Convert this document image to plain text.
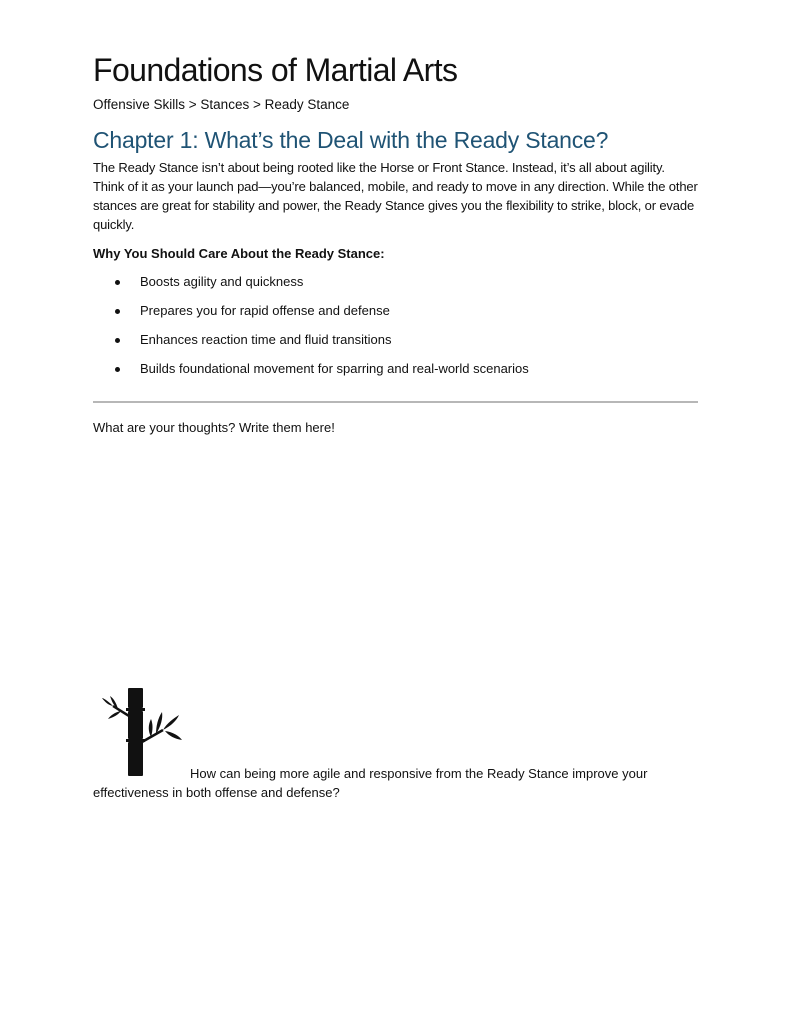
Foundations of Martial Arts
Offensive Skills > Stances > Ready Stance
Chapter 1: What’s the Deal with the Ready Stance?

The Ready Stance isn’t about being rooted like the Horse or Front Stance. Instead, it’s all about agility. Think of it as your launch pad—you’re balanced, mobile, and ready to move in any direction. While the other stances are great for stability and power, the Ready Stance gives you the flexibility to strike, block, or evade quickly.

Why You Should Care About the Ready Stance:
Boosts agility and quickness
Prepares you for rapid offense and defense
Enhances reaction time and fluid transitions
Builds foundational movement for sparring and real-world scenarios
What are your thoughts? Write them here!

How can being more agile and responsive from the Ready Stance improve your effectiveness in both offense and defense?
